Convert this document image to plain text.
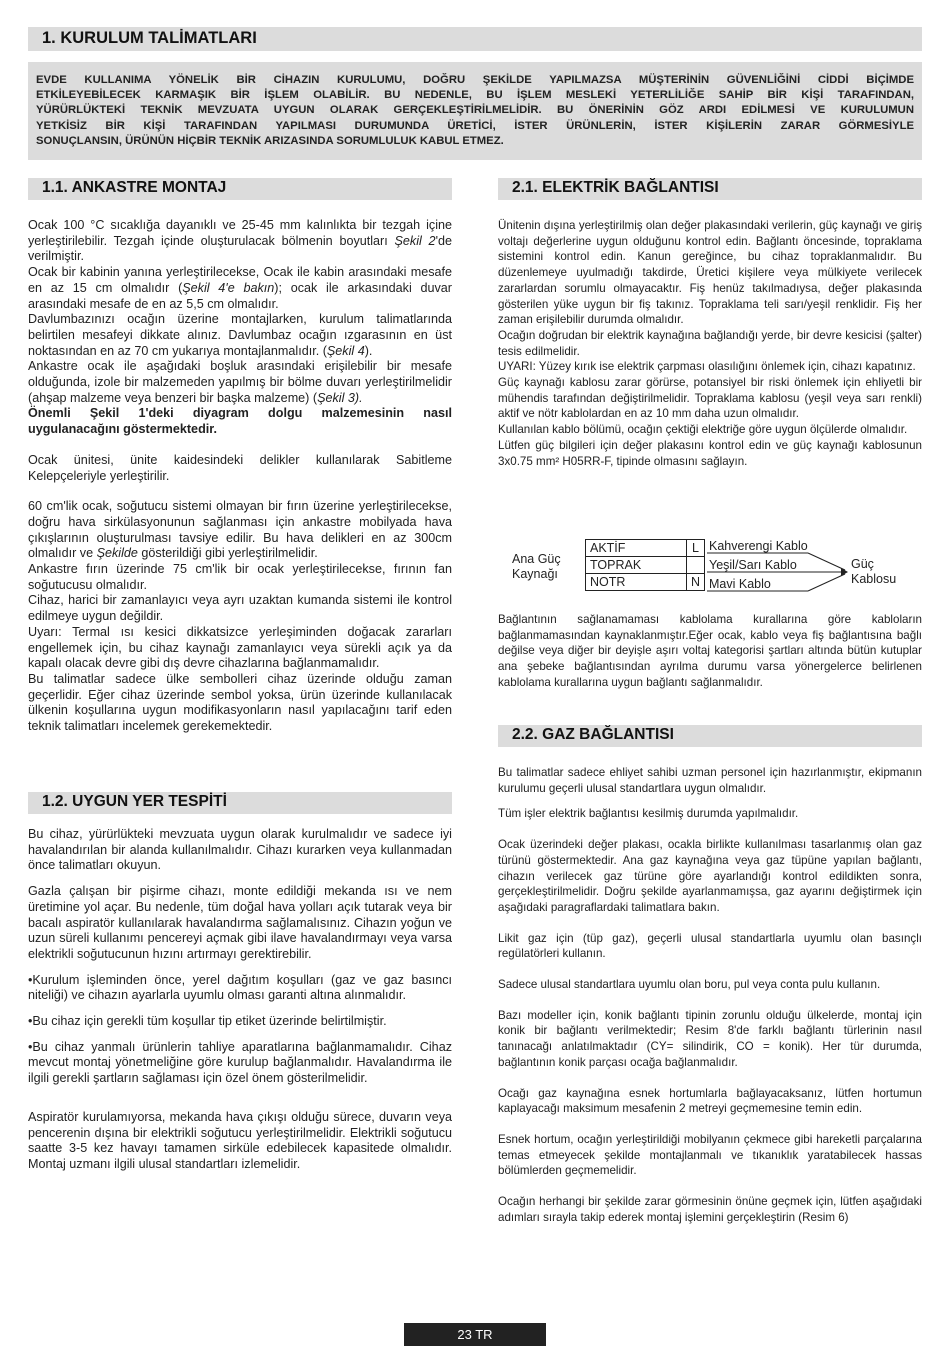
1. KURULUM TALİMATLARI
EVDE KULLANIMA YÖNELİK BİR CİHAZIN KURULUMU, DOĞRU ŞEKİLDE YAPILMAZSA MÜŞTERİNİN GÜVENLİĞİNİ CİDDİ BİÇİMDE
ETKİLEYEBİLECEK KARMAŞIK BİR İŞLEM OLABİLİR. BU NEDENLE, BU İŞLEM MESLEKİ YETERLİLİĞE SAHİP BİR KİŞİ TARAFINDAN,
YÜRÜRLÜKTEKİ TEKNİK MEVZUATA UYGUN OLARAK GERÇEKLEŞTİRİLMELİDİR. BU ÖNERİNİN GÖZ ARDI EDİLMESİ VE KURULUMUN
YETKİSİZ BİR KİŞİ TARAFINDAN YAPILMASI DURUMUNDA ÜRETİCİ, İSTER ÜRÜNLERİN, İSTER KİŞİLERİN ZARAR GÖRMESİYLE
SONUÇLANSIN, ÜRÜNÜN HİÇBİR TEKNİK ARIZASINDA SORUMLULUK KABUL ETMEZ.
1.1. ANKASTRE MONTAJ

Ocak 100 °C sıcaklığa dayanıklı ve 25-45 mm kalınlıkta bir tezgah içine yerleştirilebilir. Tezgah içinde oluşturulacak bölmenin boyutları Şekil 2'de verilmiştir.

Ocak bir kabinin yanına yerleştirilecekse, Ocak ile kabin arasındaki mesafe en az 15 cm olmalıdır (Şekil 4'e bakın); ocak ile arkasındaki duvar arasındaki mesafe de en az 5,5 cm olmalıdır.

Davlumbazınızı ocağın üzerine montajlarken, kurulum talimatlarında belirtilen mesafeyi dikkate alınız. Davlumbaz ocağın ızgarasının en üst noktasından en az 70 cm yukarıya montajlanmalıdır. (Şekil 4).

Ankastre ocak ile aşağıdaki boşluk arasındaki erişilebilir bir mesafe olduğunda, izole bir malzemeden yapılmış bir bölme duvarı yerleştirilmelidir (ahşap malzeme veya benzeri bir başka malzeme) (Şekil 3).

Önemli Şekil 1'deki diyagram dolgu malzemesinin nasıl uygulanacağını göstermektedir.

Ocak ünitesi, ünite kaidesindeki delikler kullanılarak Sabitleme Kelepçeleriyle yerleştirilir.

60 cm'lik ocak, soğutucu sistemi olmayan bir fırın üzerine yerleştirilecekse, doğru hava sirkülasyonunun sağlanması için ankastre mobilyada hava çıkışlarının oluşturulması tavsiye edilir. Bu hava delikleri en az 300cm olmalıdır ve Şekilde gösterildiği gibi yerleştirilmelidir.

Ankastre fırın üzerinde 75 cm'lik bir ocak yerleştirilecekse, fırının fan soğutucusu olmalıdır.

Cihaz, harici bir zamanlayıcı veya ayrı uzaktan kumanda sistemi ile kontrol edilmeye uygun değildir.

Uyarı: Termal ısı kesici dikkatsizce yerleşiminden doğacak zararları engellemek için, bu cihaz kaynağı zamanlayıcı veya sürekli açık ya da kapalı olacak devre gibi dış devre cihazlarına bağlanmamalıdır.

Bu talimatlar sadece ülke sembolleri cihaz üzerinde olduğu zaman geçerlidir. Eğer cihaz üzerinde sembol yoksa, ürün üzerinde kullanılacak ülkenin koşullarına uygun modifikasyonların nasıl yapılacağını tarif eden teknik talimatları incelemek gerekemektedir.

1.2. UYGUN YER TESPİTİ

Bu cihaz, yürürlükteki mevzuata uygun olarak kurulmalıdır ve sadece iyi havalandırılan bir alanda kullanılmalıdır. Cihazı kurarken veya kullanmadan önce talimatları okuyun.

Gazla çalışan bir pişirme cihazı, monte edildiği mekanda ısı ve nem üretimine yol açar. Bu nedenle, tüm doğal hava yolları açık tutarak veya bir bacalı aspiratör kullanılarak havalandırma sağlamalısınız. Cihazın yoğun ve uzun süreli kullanımı pencereyi açmak gibi ilave havalandırmayı veya varsa elektrikli soğutucunun hızını artırmayı gerektirebilir.

•Kurulum işleminden önce, yerel dağıtım koşulları (gaz ve gaz basıncı niteliği) ve cihazın ayarlarla uyumlu olması garanti altına alınmalıdır.

•Bu cihaz için gerekli tüm koşullar tip etiket üzerinde belirtilmiştir.

•Bu cihaz yanmalı ürünlerin tahliye aparatlarına bağlanmamalıdır. Cihaz mevcut montaj yönetmeliğine göre kurulup bağlanmalıdır. Havalandırma ile ilgili gerekli şartların sağlaması için özel önem gösterilmelidir.

Aspiratör kurulamıyorsa, mekanda hava çıkışı olduğu sürece, duvarın veya pencerenin dışına bir elektrikli soğutucu yerleştirilmelidir. Elektrikli soğutucu saatte 3-5 kez havayı tamamen sirküle edebilecek kapasitede olmalıdır. Montaj uzmanı ilgili ulusal standartları izlemelidir.

2.1. ELEKTRİK BAĞLANTISI

Ünitenin dışına yerleştirilmiş olan değer plakasındaki verilerin, güç kaynağı ve giriş voltajı değerlerine uygun olduğunu kontrol edin. Bağlantı öncesinde, topraklama sistemini kontrol edin. Kanun gereğince, bu cihaz topraklanmalıdır. Bu düzenlemeye uyulmadığı takdirde, Üretici kişilere veya mülkiyete verilecek zararlardan sorumlu olmayacaktır. Fiş henüz takılmadıysa, değer plakasında gösterilen yüke uygun bir fiş takınız. Topraklama teli sarı/yeşil renklidir. Fiş her zaman erişilebilir durumda olmalıdır.

Ocağın doğrudan bir elektrik kaynağına bağlandığı yerde, bir devre kesicisi (şalter) tesis edilmelidir.

UYARI: Yüzey kırık ise elektrik çarpması olasılığını önlemek için, cihazı kapatınız.

Güç kaynağı kablosu zarar görürse, potansiyel bir riski önlemek için ehliyetli bir mühendis tarafından değiştirilmelidir. Topraklama kablosu (yeşil veya sarı renkli) aktif ve nötr kablolardan en az 10 mm daha uzun olmalıdır.

Kullanılan kablo bölümü, ocağın çektiği elektriğe göre uygun ölçülerde olmalıdır.

Lütfen güç bilgileri için değer plakasını kontrol edin ve güç kaynağı kablosunun 3x0.75 mm² H05RR-F, tipinde olmasını sağlayın.

Ana Güç
Kaynağı
AKTİF	L
TOPRAK	
NOTR	N
Kahverengi Kablo
Yeşil/Sarı Kablo
Mavi Kablo
Güç
Kablosu

Bağlantının sağlanamaması kablolama kurallarına göre kabloların bağlanmamasından kaynaklanmıştır.Eğer ocak, kablo veya fiş bağlantısına bağlı değilse veya diğer bir deyişle aşırı voltaj kategorisi şartları altında bütün kutuplar ana şebeke bağlantısından ayrılma durumu varsa yönergelerce belirlenen kablolama kurallarına uygun bağlantı sağlanmalıdır.

2.2. GAZ BAĞLANTISI

Bu talimatlar sadece ehliyet sahibi uzman personel için hazırlanmıştır, ekipmanın kurulumu geçerli ulusal standartlara uygun olmalıdır.

Tüm işler elektrik bağlantısı kesilmiş durumda yapılmalıdır.

Ocak üzerindeki değer plakası, ocakla birlikte kullanılması tasarlanmış olan gaz türünü göstermektedir. Ana gaz kaynağına veya gaz tüpüne yapılan bağlantı, cihazın verilecek gaz türüne göre ayarlandığı kontrol edildikten sonra, gerçekleştirilmelidir. Doğru şekilde ayarlanmamışsa, gaz ayarını değiştirmek için aşağıdaki paragraflardaki talimatlara bakın.

Likit gaz için (tüp gaz), geçerli ulusal standartlarla uyumlu olan basınçlı regülatörleri kullanın.

Sadece ulusal standartlara uyumlu olan boru, pul veya conta pulu kullanın.

Bazı modeller için, konik bağlantı tipinin zorunlu olduğu ülkelerde, montaj için konik bir bağlantı verilmektedir; Resim 8'de farklı bağlantı türlerinin nasıl tanınacağı anlatılmaktadır (CY= silindirik, CO = konik). Her tür durumda, bağlantının konik parçası ocağa bağlanmalıdır.

Ocağı gaz kaynağına esnek hortumlarla bağlayacaksanız, lütfen hortumun kaplayacağı maksimum mesafenin 2 metreyi geçmemesine temin edin.

Esnek hortum, ocağın yerleştirildiği mobilyanın çekmece gibi hareketli parçalarına temas etmeyecek şekilde montajlanmalı ve tıkanıklık yaratabilecek hassas bölümlerden geçmemelidir.

Ocağın herhangi bir şekilde zarar görmesinin önüne geçmek için, lütfen aşağıdaki adımları sırayla takip ederek montaj işlemini gerçekleştirin (Resim 6)

23 TR
